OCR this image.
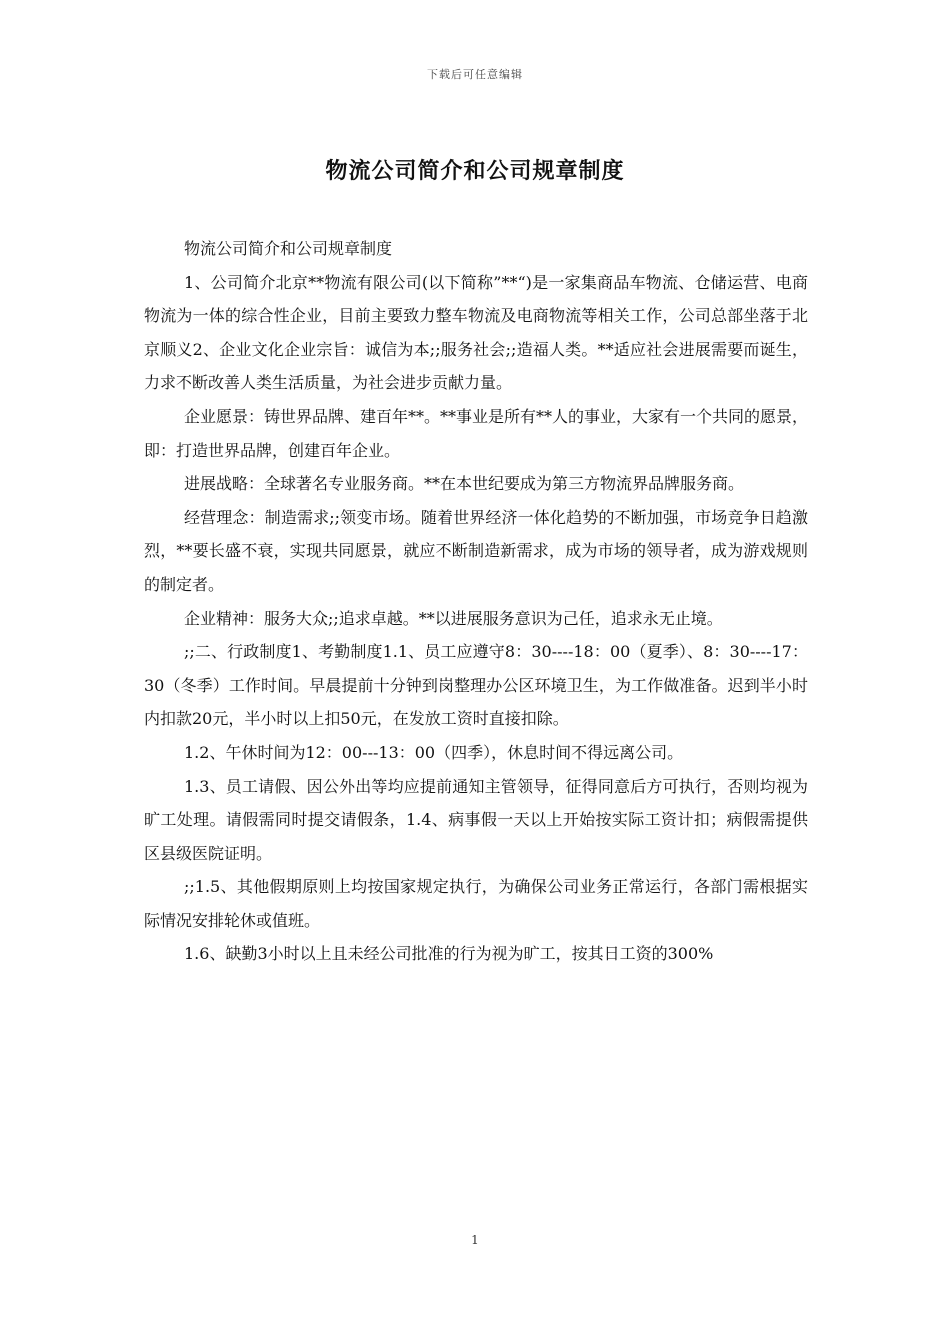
下载后可任意编辑
物流公司简介和公司规章制度

物流公司简介和公司规章制度

1、公司简介北京**物流有限公司(以下简称”**“)是一家集商品车物流、仓储运营、电商物流为一体的综合性企业，目前主要致力整车物流及电商物流等相关工作，公司总部坐落于北京顺义2、企业文化企业宗旨：诚信为本;;服务社会;;造福人类。**适应社会进展需要而诞生，力求不断改善人类生活质量，为社会进步贡献力量。

企业愿景：铸世界品牌、建百年**。**事业是所有**人的事业，大家有一个共同的愿景，即：打造世界品牌，创建百年企业。

进展战略：全球著名专业服务商。**在本世纪要成为第三方物流界品牌服务商。

经营理念：制造需求;;领变市场。随着世界经济一体化趋势的不断加强，市场竞争日趋激烈，**要长盛不衰，实现共同愿景，就应不断制造新需求，成为市场的领导者，成为游戏规则的制定者。

企业精神：服务大众;;追求卓越。**以进展服务意识为己任，追求永无止境。

;;二、行政制度1、考勤制度1.1、员工应遵守8：30----18：00（夏季）、8：30----17：30（冬季）工作时间。早晨提前十分钟到岗整理办公区环境卫生，为工作做准备。迟到半小时内扣款20元，半小时以上扣50元，在发放工资时直接扣除。

1.2、午休时间为12：00---13：00（四季），休息时间不得远离公司。

1.3、员工请假、因公外出等均应提前通知主管领导，征得同意后方可执行，否则均视为旷工处理。请假需同时提交请假条，1.4、病事假一天以上开始按实际工资计扣；病假需提供区县级医院证明。

;;1.5、其他假期原则上均按国家规定执行，为确保公司业务正常运行，各部门需根据实际情况安排轮休或值班。

1.6、缺勤3小时以上且未经公司批准的行为视为旷工，按其日工资的300%

1
